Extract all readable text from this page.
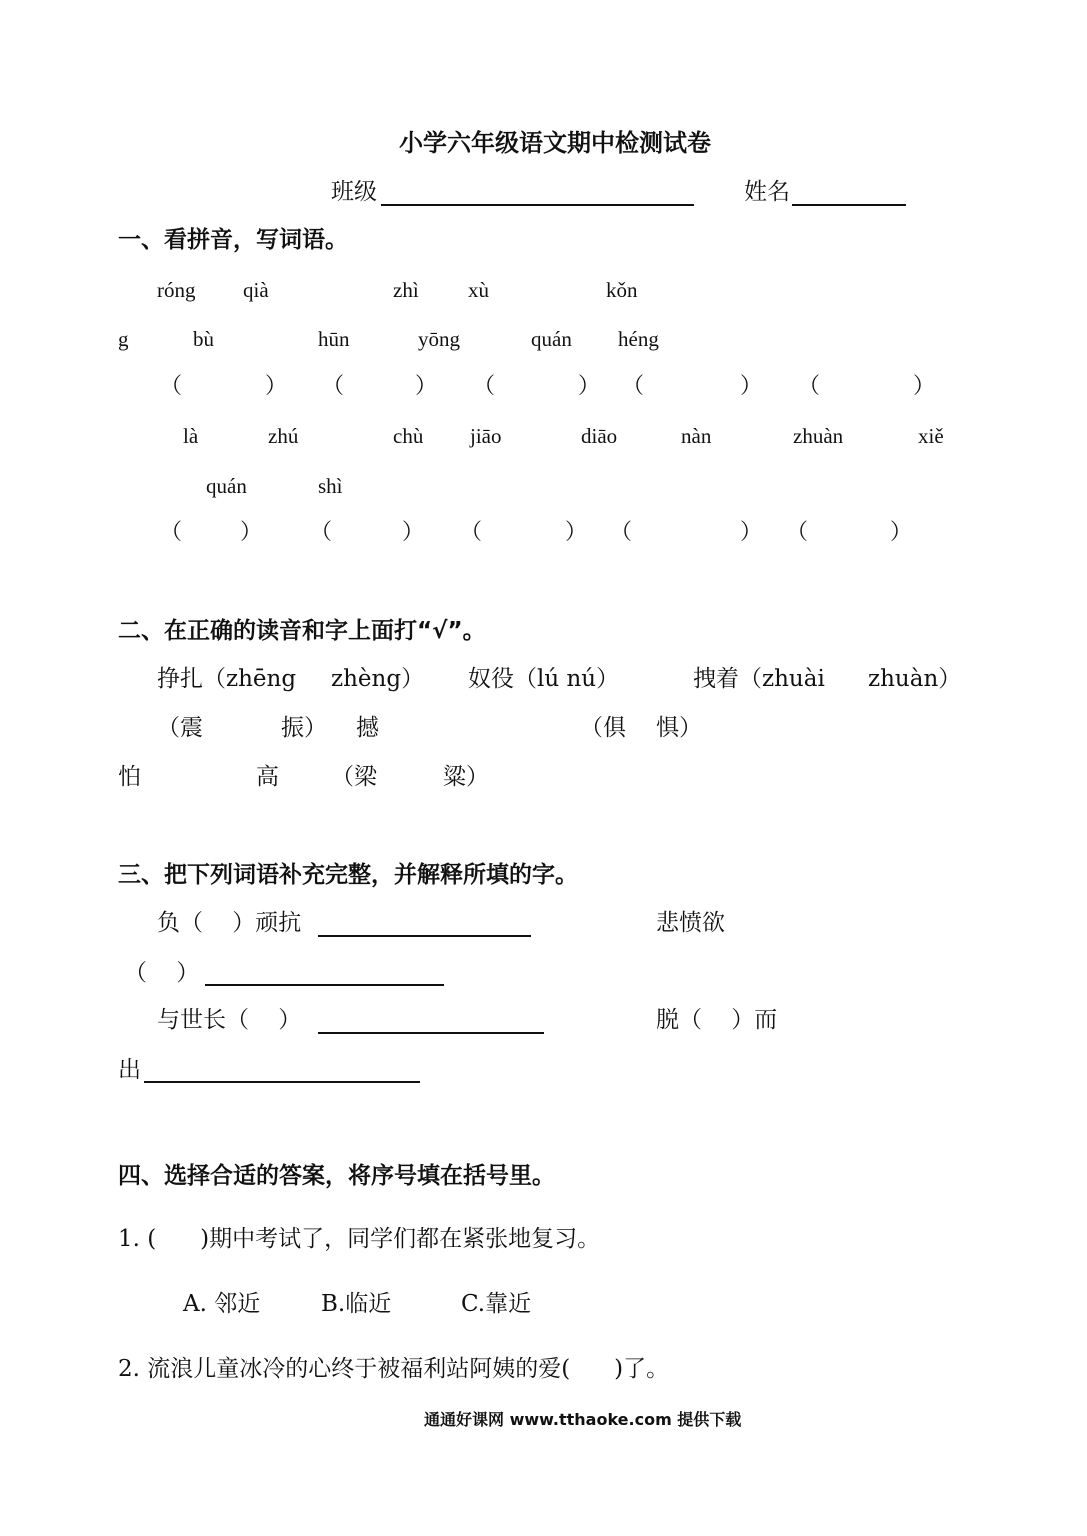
小学六年级语文期中检测试卷
班级	姓名
一、看拼音，写词语。
róng qià	zhì xù	kǒn
g	bù	hūn	yōng	quán héng
（	） （	） （	） （	） （	）
là	zhú	chù jiāo	diāo	nàn	zhuàn	xiě
quán	shì
（	） （	） （	） （	） （	）
二、在正确的读音和字上面打“√”。
挣扎（zhēng zhèng） 奴役（lú nú）	拽着（zhuài zhuàn）
（震	振） 撼	（俱 惧）
怕	高 （梁	粱）
三、把下列词语补充完整，并解释所填的字。
负（    ）顽抗	悲愤欲
（    ）
与世长（    ）	脱（    ）而
出
四、选择合适的答案，将序号填在括号里。
1. (      )期中考试了，同学们都在紧张地复习。
A. 邻近	B.临近	C.靠近
2. 流浪儿童冰冷的心终于被福利站阿姨的爱(      )了。
通通好课网 www.tthaoke.com 提供下载
